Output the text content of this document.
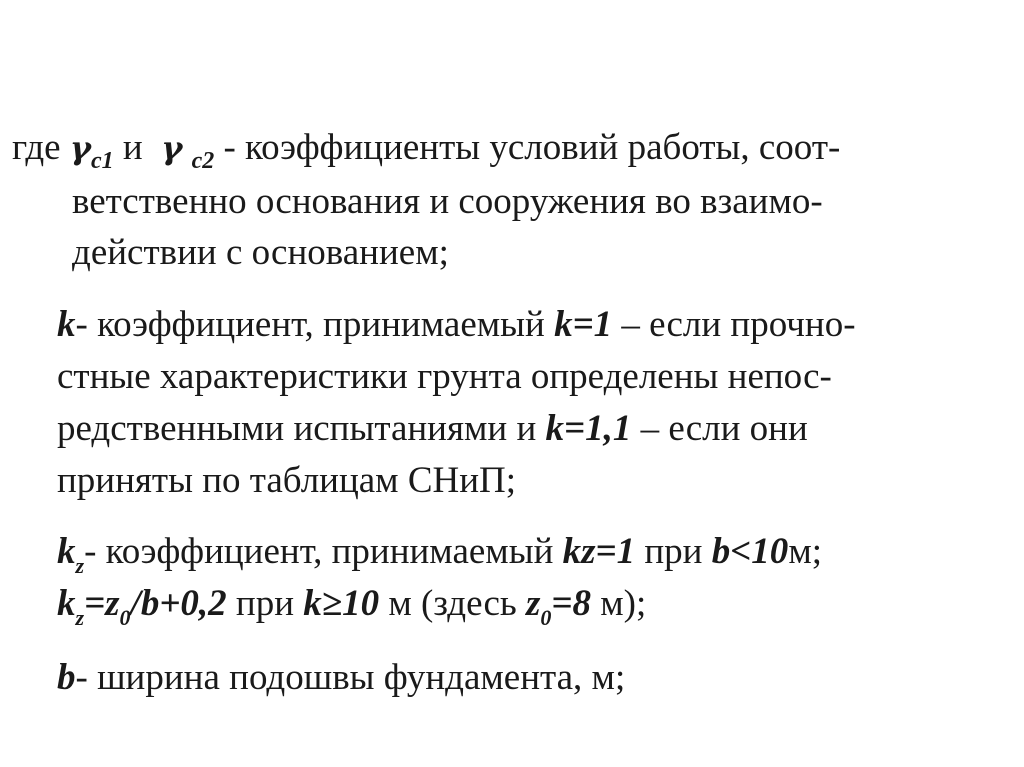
где $\gamma_{c1}$ и γ $_{c2}$ - коэффициенты условий работы, соот-
ветственно основания и сооружения во взаимо-
действии с основанием;
k- коэффициент, принимаемый k=1 – если прочно-
стные характеристики грунта определены непос-
редственными испытаниями и k=1,1 – если они
приняты по таблицам СНиП;
$k_z-$ коэффициент, принимаемый kz=1 при b<10м;
$k_z=z_0/b+0,2$ при k≥10 м (здесь $z_0=8$ м);
b- ширина подошвы фундамента, м;
